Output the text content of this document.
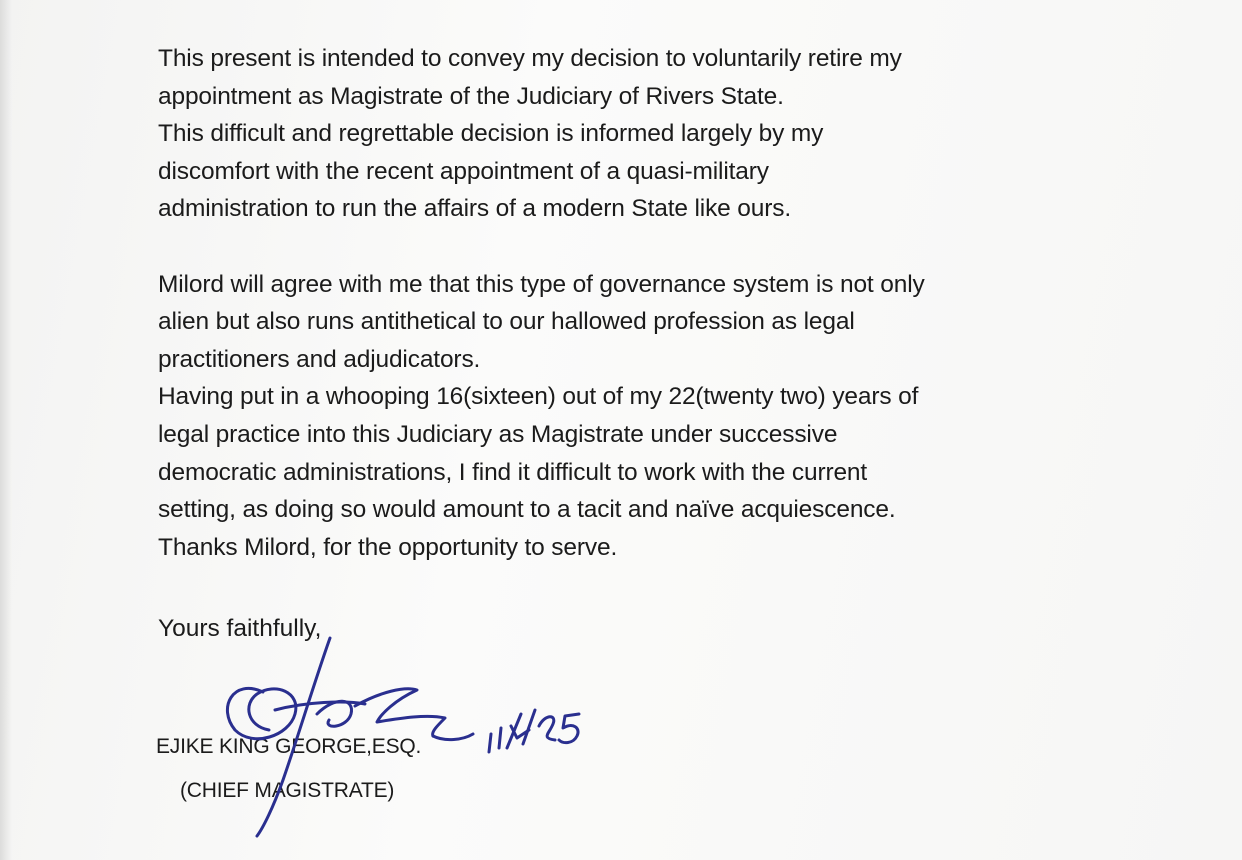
This present is intended to convey my decision to voluntarily retire my
appointment as Magistrate of the Judiciary of Rivers State.
This difficult and regrettable decision is informed largely by my
discomfort with the recent appointment of a quasi-military
administration to run the affairs of a modern State like ours.

Milord will agree with me that this type of governance system is not only
alien but also runs antithetical to our hallowed profession as legal
practitioners and adjudicators.
Having put in a whooping 16(sixteen) out of my 22(twenty two) years of
legal practice into this Judiciary as Magistrate under successive
democratic administrations, I find it difficult to work with the current
setting, as doing so would amount to a tacit and naïve acquiescence.
Thanks Milord, for the opportunity to serve.

Yours faithfully,
EJIKE KING GEORGE,ESQ.
(CHIEF MAGISTRATE)
